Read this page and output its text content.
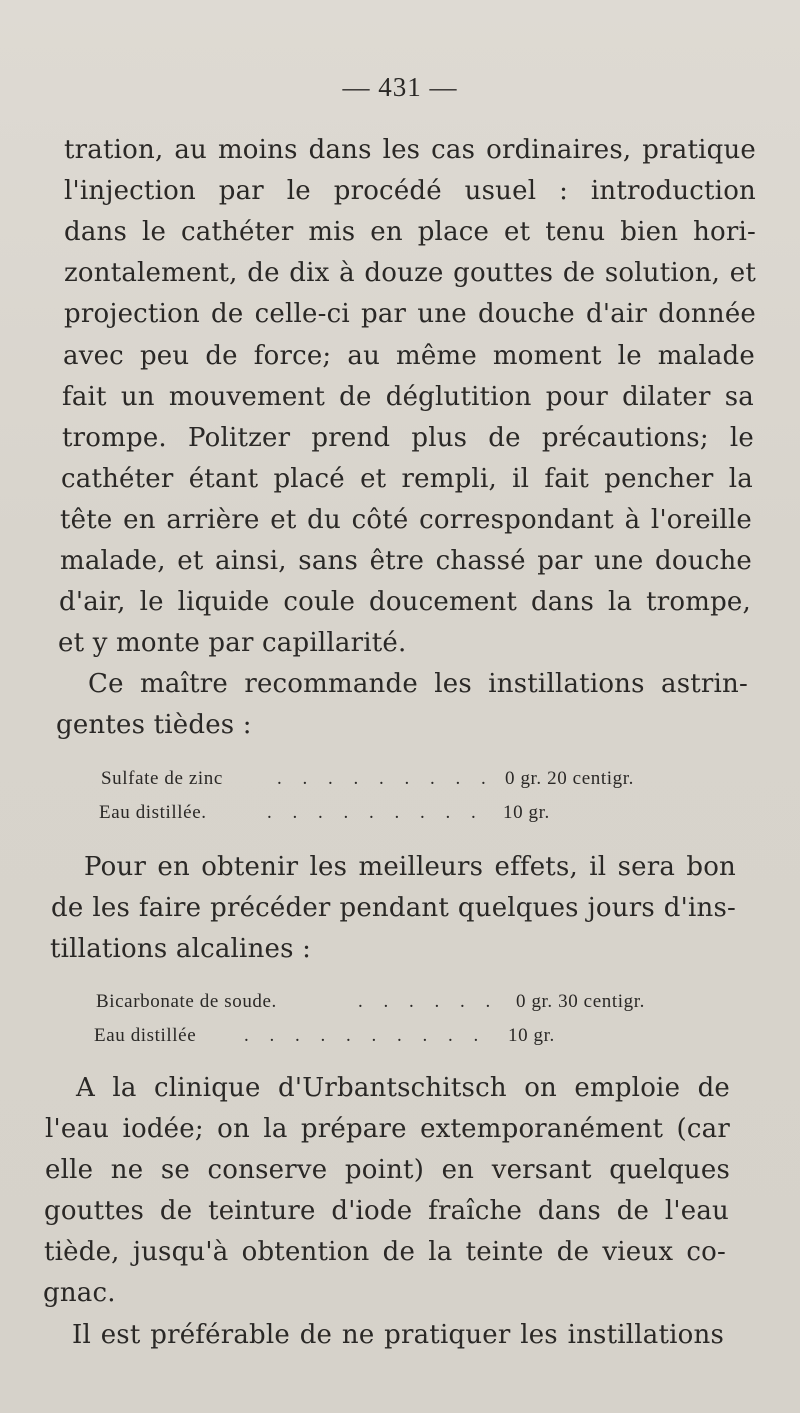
— 431 —
tration, au moins dans les cas ordinaires, pratique
l'injection par le procédé usuel : introduction
dans le cathéter mis en place et tenu bien hori-
zontalement, de dix à douze gouttes de solution, et
projection de celle-ci par une douche d'air donnée
avec peu de force; au même moment le malade
fait un mouvement de déglutition pour dilater sa
trompe. Politzer prend plus de précautions; le
cathéter étant placé et rempli, il fait pencher la
tête en arrière et du côté correspondant à l'oreille
malade, et ainsi, sans être chassé par une douche
d'air, le liquide coule doucement dans la trompe,
et y monte par capillarité.
Ce maître recommande les instillations astrin-
gentes tièdes :
Sulfate de zinc	. . . . . . . . . 0 gr. 20 centigr.
Eau distillée.	. . . . . . . . . 10 gr.
Pour en obtenir les meilleurs effets, il sera bon
de les faire précéder pendant quelques jours d'ins-
tillations alcalines :
Bicarbonate de soude.	. . . . . . 0 gr. 30 centigr.
Eau distillée	. . . . . . . . . . 10 gr.
A la clinique d'Urbantschitsch on emploie de
l'eau iodée; on la prépare extemporanément (car
elle ne se conserve point) en versant quelques
gouttes de teinture d'iode fraîche dans de l'eau
tiède, jusqu'à obtention de la teinte de vieux co-
gnac.
Il est préférable de ne pratiquer les instillations
